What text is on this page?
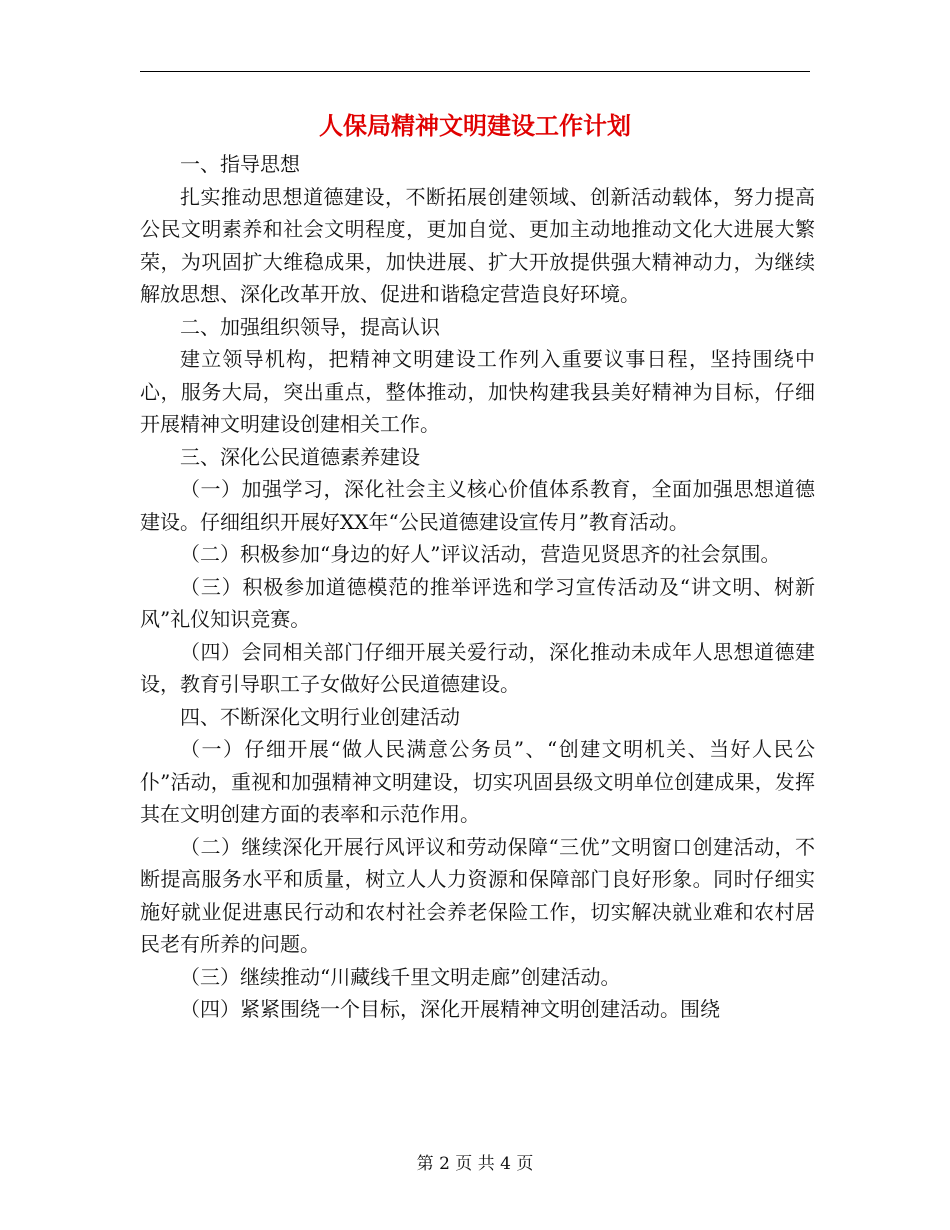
人保局精神文明建设工作计划

一、指导思想

扎实推动思想道德建设，不断拓展创建领域、创新活动载体，努力提高公民文明素养和社会文明程度，更加自觉、更加主动地推动文化大进展大繁荣，为巩固扩大维稳成果，加快进展、扩大开放提供强大精神动力，为继续解放思想、深化改革开放、促进和谐稳定营造良好环境。

二、加强组织领导，提高认识

建立领导机构，把精神文明建设工作列入重要议事日程，坚持围绕中心，服务大局，突出重点，整体推动，加快构建我县美好精神为目标，仔细开展精神文明建设创建相关工作。

三、深化公民道德素养建设

（一）加强学习，深化社会主义核心价值体系教育，全面加强思想道德建设。仔细组织开展好XX年“公民道德建设宣传月”教育活动。

（二）积极参加“身边的好人”评议活动，营造见贤思齐的社会氛围。

（三）积极参加道德模范的推举评选和学习宣传活动及“讲文明、树新风”礼仪知识竞赛。

（四）会同相关部门仔细开展关爱行动，深化推动未成年人思想道德建设，教育引导职工子女做好公民道德建设。

四、不断深化文明行业创建活动

（一）仔细开展“做人民满意公务员”、“创建文明机关、当好人民公仆”活动，重视和加强精神文明建设，切实巩固县级文明单位创建成果，发挥其在文明创建方面的表率和示范作用。

（二）继续深化开展行风评议和劳动保障“三优”文明窗口创建活动，不断提高服务水平和质量，树立人人力资源和保障部门良好形象。同时仔细实施好就业促进惠民行动和农村社会养老保险工作，切实解决就业难和农村居民老有所养的问题。

（三）继续推动“川藏线千里文明走廊”创建活动。

（四）紧紧围绕一个目标，深化开展精神文明创建活动。围绕

第 2 页 共 4 页
